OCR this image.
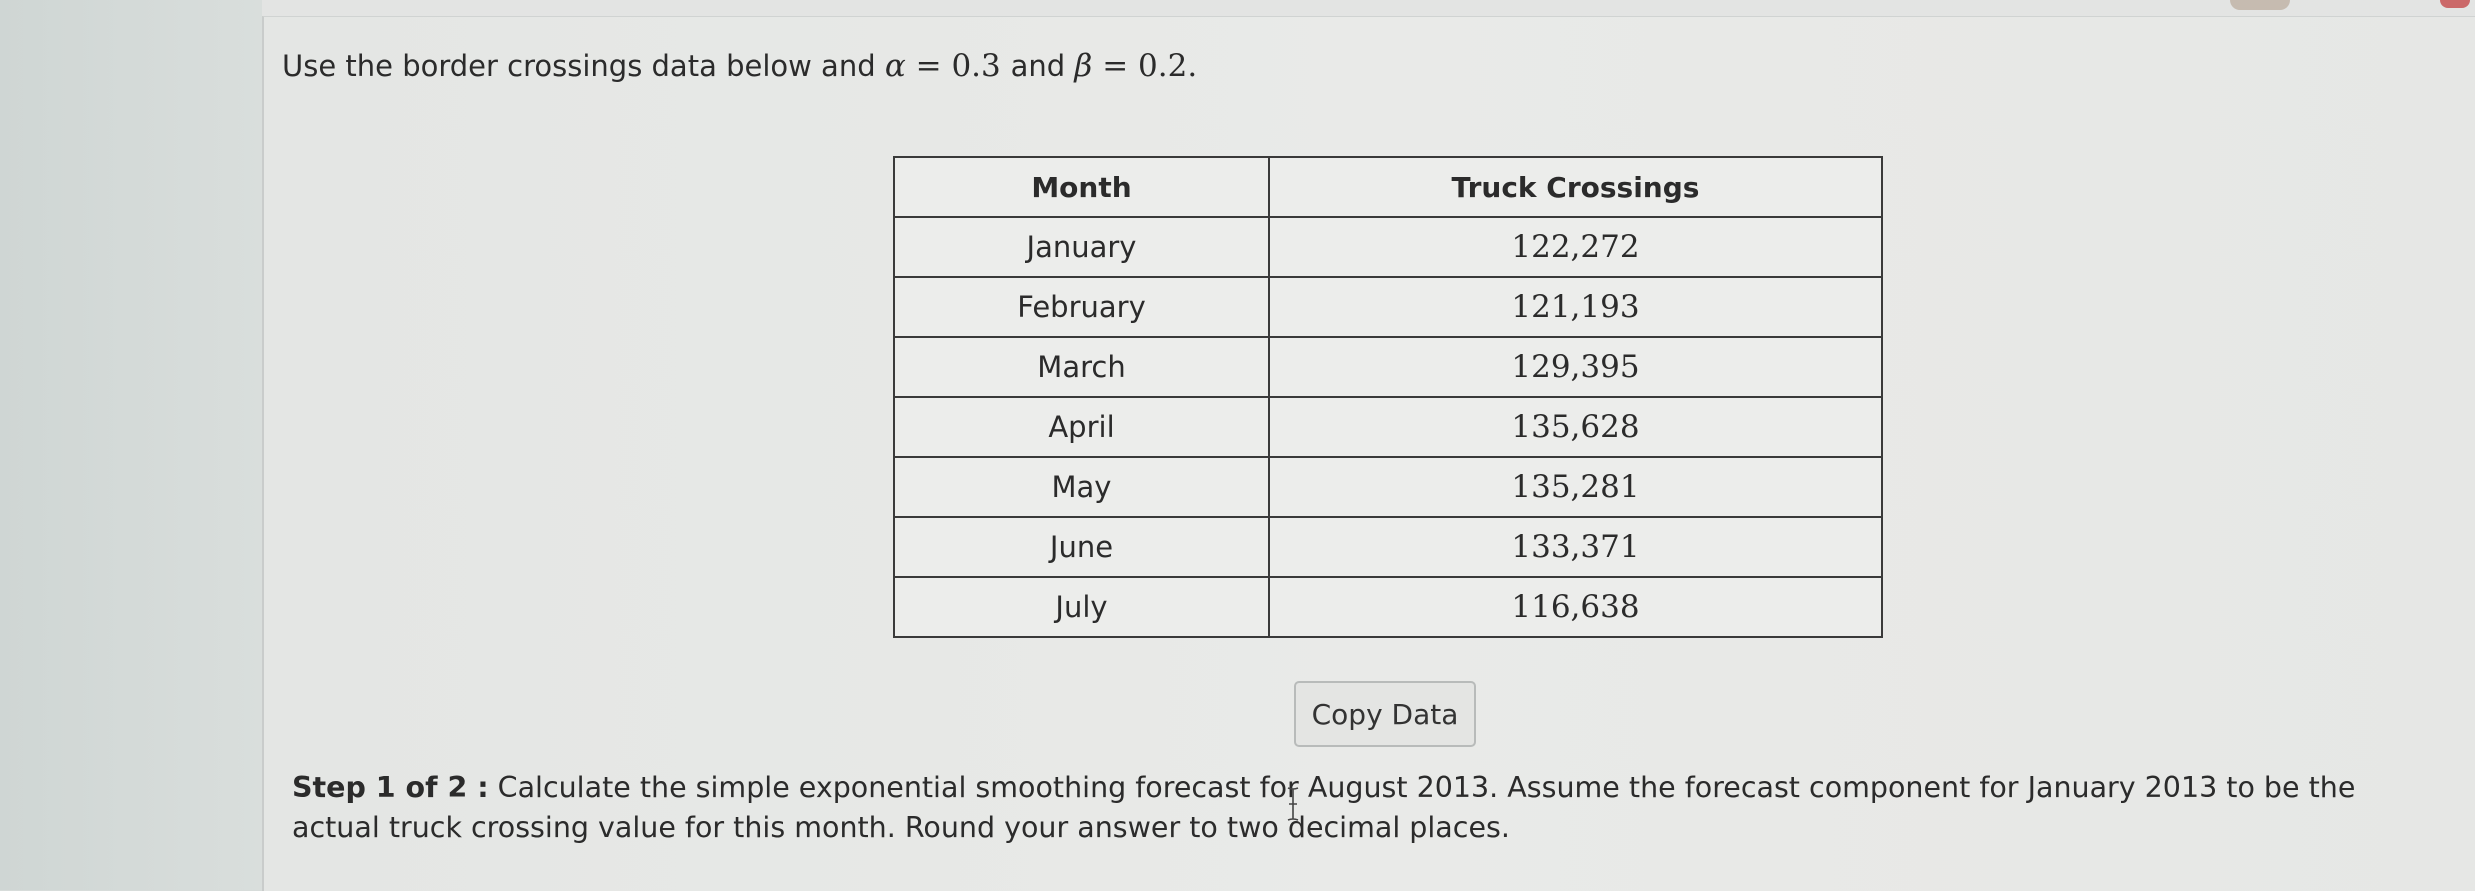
Use the border crossings data below and α = 0.3 and β = 0.2.
Month	Truck Crossings
January	122,272
February	121,193
March	129,395
April	135,628
May	135,281
June	133,371
July	116,638
Copy Data
Step 1 of 2 : Calculate the simple exponential smoothing forecast for August 2013. Assume the forecast component for January 2013 to be the actual truck crossing value for this month. Round your answer to two decimal places.
